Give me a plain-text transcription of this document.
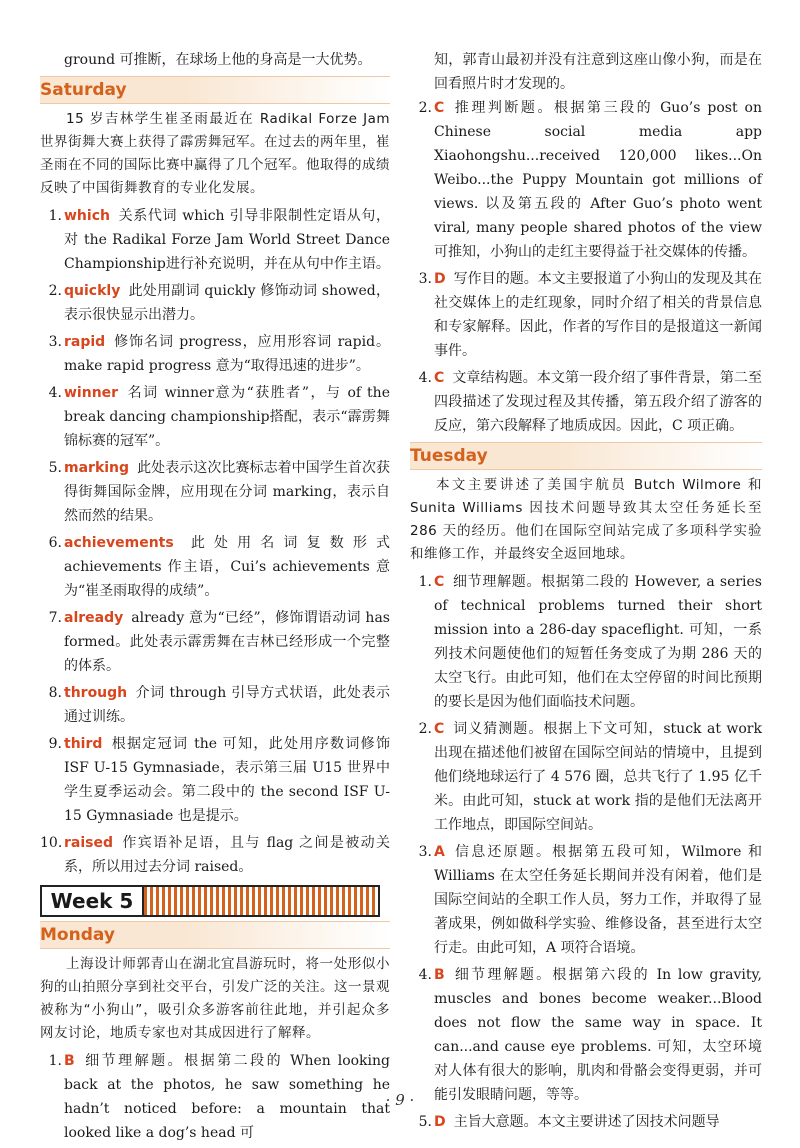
ground 可推断，在球场上他的身高是一大优势。

Saturday

15 岁吉林学生崔圣雨最近在 Radikal Forze Jam 世界街舞大赛上获得了霹雳舞冠军。在过去的两年里，崔圣雨在不同的国际比赛中赢得了几个冠军。他取得的成绩反映了中国街舞教育的专业化发展。

1. which 关系代词 which 引导非限制性定语从句，对 the Radikal Forze Jam World Street Dance Championship进行补充说明，并在从句中作主语。
2. quickly 此处用副词 quickly 修饰动词 showed，表示很快显示出潜力。
3. rapid 修饰名词 progress，应用形容词 rapid。make rapid progress 意为“取得迅速的进步”。
4. winner 名词 winner意为“获胜者”，与 of the break dancing championship搭配，表示“霹雳舞锦标赛的冠军”。
5. marking 此处表示这次比赛标志着中国学生首次获得街舞国际金牌，应用现在分词 marking，表示自然而然的结果。
6. achievements 此处用名词复数形式 achievements 作主语，Cui’s achievements 意为“崔圣雨取得的成绩”。
7. already already 意为“已经”，修饰谓语动词 has formed。此处表示霹雳舞在吉林已经形成一个完整的体系。
8. through 介词 through 引导方式状语，此处表示通过训练。
9. third 根据定冠词 the 可知，此处用序数词修饰 ISF U-15 Gymnasiade，表示第三届 U15 世界中学生夏季运动会。第二段中的 the second ISF U-15 Gymnasiade 也是提示。
10. raised 作宾语补足语，且与 flag 之间是被动关系，所以用过去分词 raised。
Week 5
Monday

上海设计师郭青山在湖北宜昌游玩时，将一处形似小狗的山拍照分享到社交平台，引发广泛的关注。这一景观被称为“小狗山”，吸引众多游客前往此地，并引起众多网友讨论，地质专家也对其成因进行了解释。

1. B 细节理解题。根据第二段的 When looking back at the photos, he saw something he hadn’t noticed before: a mountain that looked like a dog’s head 可

知，郭青山最初并没有注意到这座山像小狗，而是在回看照片时才发现的。

2. C 推理判断题。根据第三段的 Guo’s post on Chinese social media app Xiaohongshu...received 120,000 likes...On Weibo...the Puppy Mountain got millions of views. 以及第五段的 After Guo’s photo went viral, many people shared photos of the view 可推知，小狗山的走红主要得益于社交媒体的传播。
3. D 写作目的题。本文主要报道了小狗山的发现及其在社交媒体上的走红现象，同时介绍了相关的背景信息和专家解释。因此，作者的写作目的是报道这一新闻事件。
4. C 文章结构题。本文第一段介绍了事件背景，第二至四段描述了发现过程及其传播，第五段介绍了游客的反应，第六段解释了地质成因。因此，C 项正确。
Tuesday

本文主要讲述了美国宇航员 Butch Wilmore 和 Sunita Williams 因技术问题导致其太空任务延长至 286 天的经历。他们在国际空间站完成了多项科学实验和维修工作，并最终安全返回地球。

1. C 细节理解题。根据第二段的 However, a series of technical problems turned their short mission into a 286-day spaceflight. 可知，一系列技术问题使他们的短暂任务变成了为期 286 天的太空飞行。由此可知，他们在太空停留的时间比预期的要长是因为他们面临技术问题。
2. C 词义猜测题。根据上下文可知，stuck at work 出现在描述他们被留在国际空间站的情境中，且提到他们绕地球运行了 4 576 圈，总共飞行了 1.95 亿千米。由此可知，stuck at work 指的是他们无法离开工作地点，即国际空间站。
3. A 信息还原题。根据第五段可知，Wilmore 和 Williams 在太空任务延长期间并没有闲着，他们是国际空间站的全职工作人员，努力工作，并取得了显著成果，例如做科学实验、维修设备，甚至进行太空行走。由此可知，A 项符合语境。
4. B 细节理解题。根据第六段的 In low gravity, muscles and bones become weaker...Blood does not flow the same way in space. It can...and cause eye problems. 可知，太空环境对人体有很大的影响，肌肉和骨骼会变得更弱，并可能引发眼睛问题，等等。
5. D 主旨大意题。本文主要讲述了因技术问题导
· 9 ·
